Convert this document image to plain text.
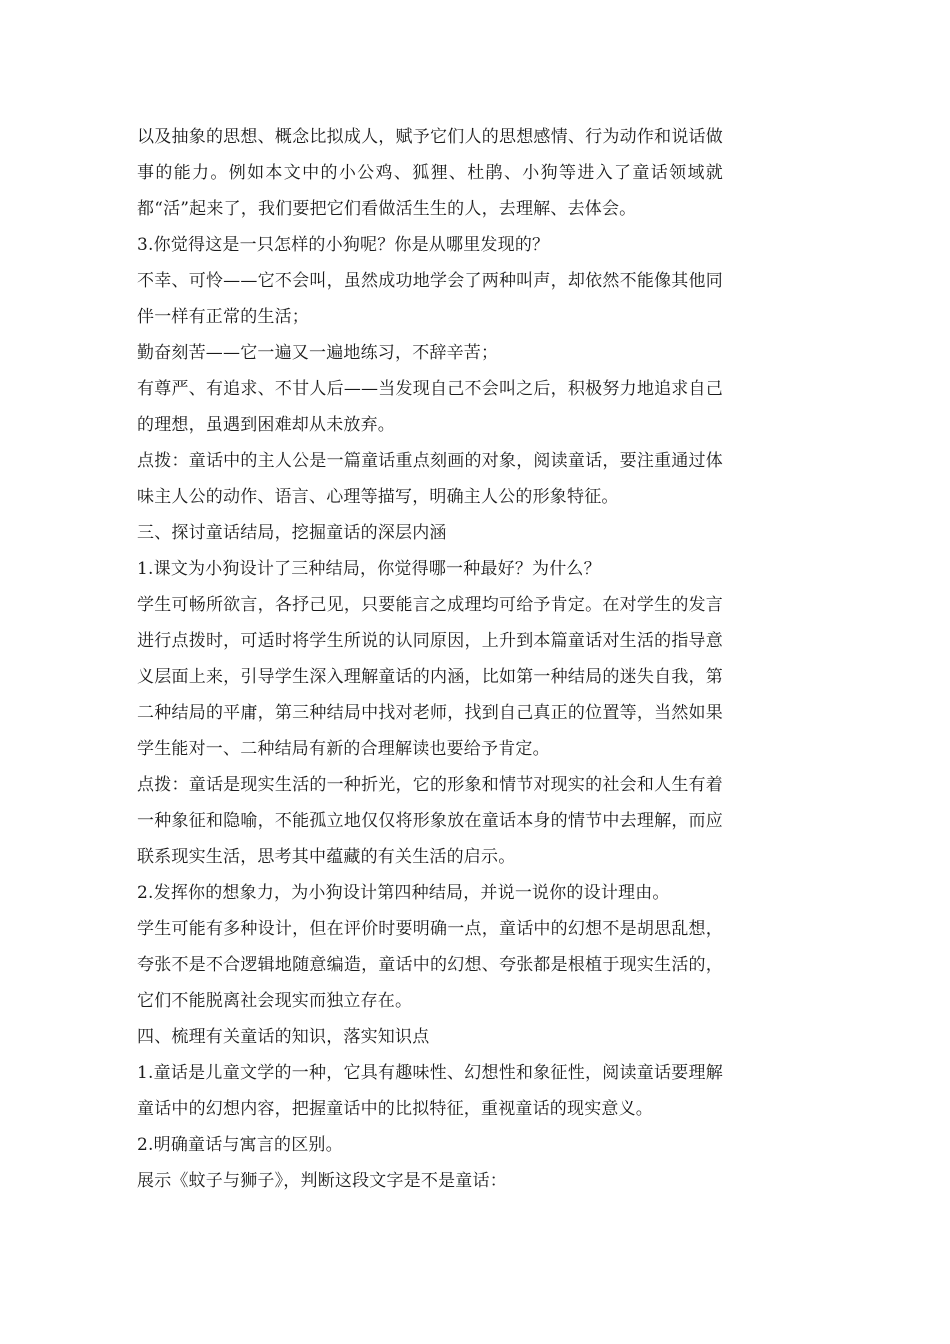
以及抽象的思想、概念比拟成人，赋予它们人的思想感情、行为动作和说话做事的能力。例如本文中的小公鸡、狐狸、杜鹃、小狗等进入了童话领域就都“活”起来了，我们要把它们看做活生生的人，去理解、去体会。

3.你觉得这是一只怎样的小狗呢？你是从哪里发现的？

不幸、可怜——它不会叫，虽然成功地学会了两种叫声，却依然不能像其他同伴一样有正常的生活；

勤奋刻苦——它一遍又一遍地练习，不辞辛苦；

有尊严、有追求、不甘人后——当发现自己不会叫之后，积极努力地追求自己的理想，虽遇到困难却从未放弃。

点拨：童话中的主人公是一篇童话重点刻画的对象，阅读童话，要注重通过体味主人公的动作、语言、心理等描写，明确主人公的形象特征。

三、探讨童话结局，挖掘童话的深层内涵

1.课文为小狗设计了三种结局，你觉得哪一种最好？为什么？

学生可畅所欲言，各抒己见，只要能言之成理均可给予肯定。在对学生的发言进行点拨时，可适时将学生所说的认同原因，上升到本篇童话对生活的指导意义层面上来，引导学生深入理解童话的内涵，比如第一种结局的迷失自我，第二种结局的平庸，第三种结局中找对老师，找到自己真正的位置等，当然如果学生能对一、二种结局有新的合理解读也要给予肯定。

点拨：童话是现实生活的一种折光，它的形象和情节对现实的社会和人生有着一种象征和隐喻，不能孤立地仅仅将形象放在童话本身的情节中去理解，而应联系现实生活，思考其中蕴藏的有关生活的启示。

2.发挥你的想象力，为小狗设计第四种结局，并说一说你的设计理由。

学生可能有多种设计，但在评价时要明确一点，童话中的幻想不是胡思乱想，夸张不是不合逻辑地随意编造，童话中的幻想、夸张都是根植于现实生活的，它们不能脱离社会现实而独立存在。

四、梳理有关童话的知识，落实知识点

1.童话是儿童文学的一种，它具有趣味性、幻想性和象征性，阅读童话要理解童话中的幻想内容，把握童话中的比拟特征，重视童话的现实意义。

2.明确童话与寓言的区别。

展示《蚊子与狮子》，判断这段文字是不是童话：
